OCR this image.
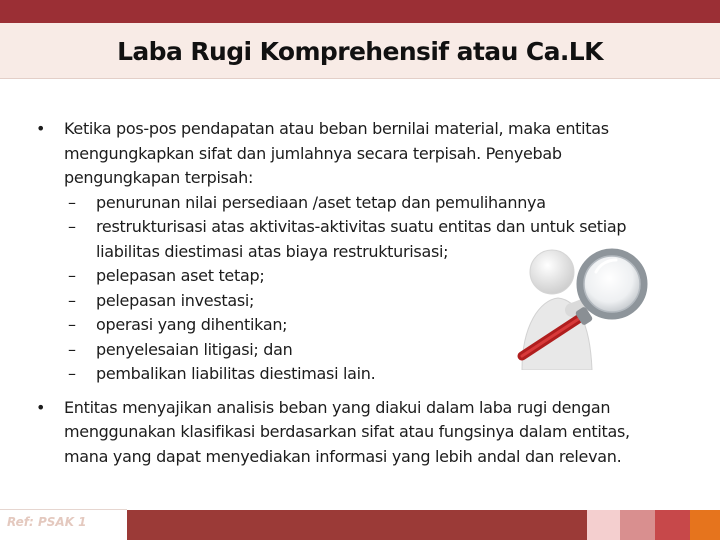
Laba Rugi Komprehensif atau Ca.LK
•	Ketika pos-pos pendapatan atau beban bernilai material, maka entitas
mengungkapkan sifat dan jumlahnya secara terpisah. Penyebab
pengungkapan terpisah:
– penurunan nilai persediaan /aset tetap dan pemulihannya
– restrukturisasi atas aktivitas-aktivitas suatu entitas dan untuk setiap
liabilitas diestimasi atas biaya restrukturisasi;
– pelepasan aset tetap;
– pelepasan investasi;
– operasi yang dihentikan;
– penyelesaian litigasi; dan
– pembalikan liabilitas diestimasi lain.
•	Entitas menyajikan analisis beban yang diakui dalam laba rugi dengan
menggunakan klasifikasi berdasarkan sifat atau fungsinya dalam entitas,
mana yang dapat menyediakan informasi yang lebih andal dan relevan.
Ref: PSAK 1
